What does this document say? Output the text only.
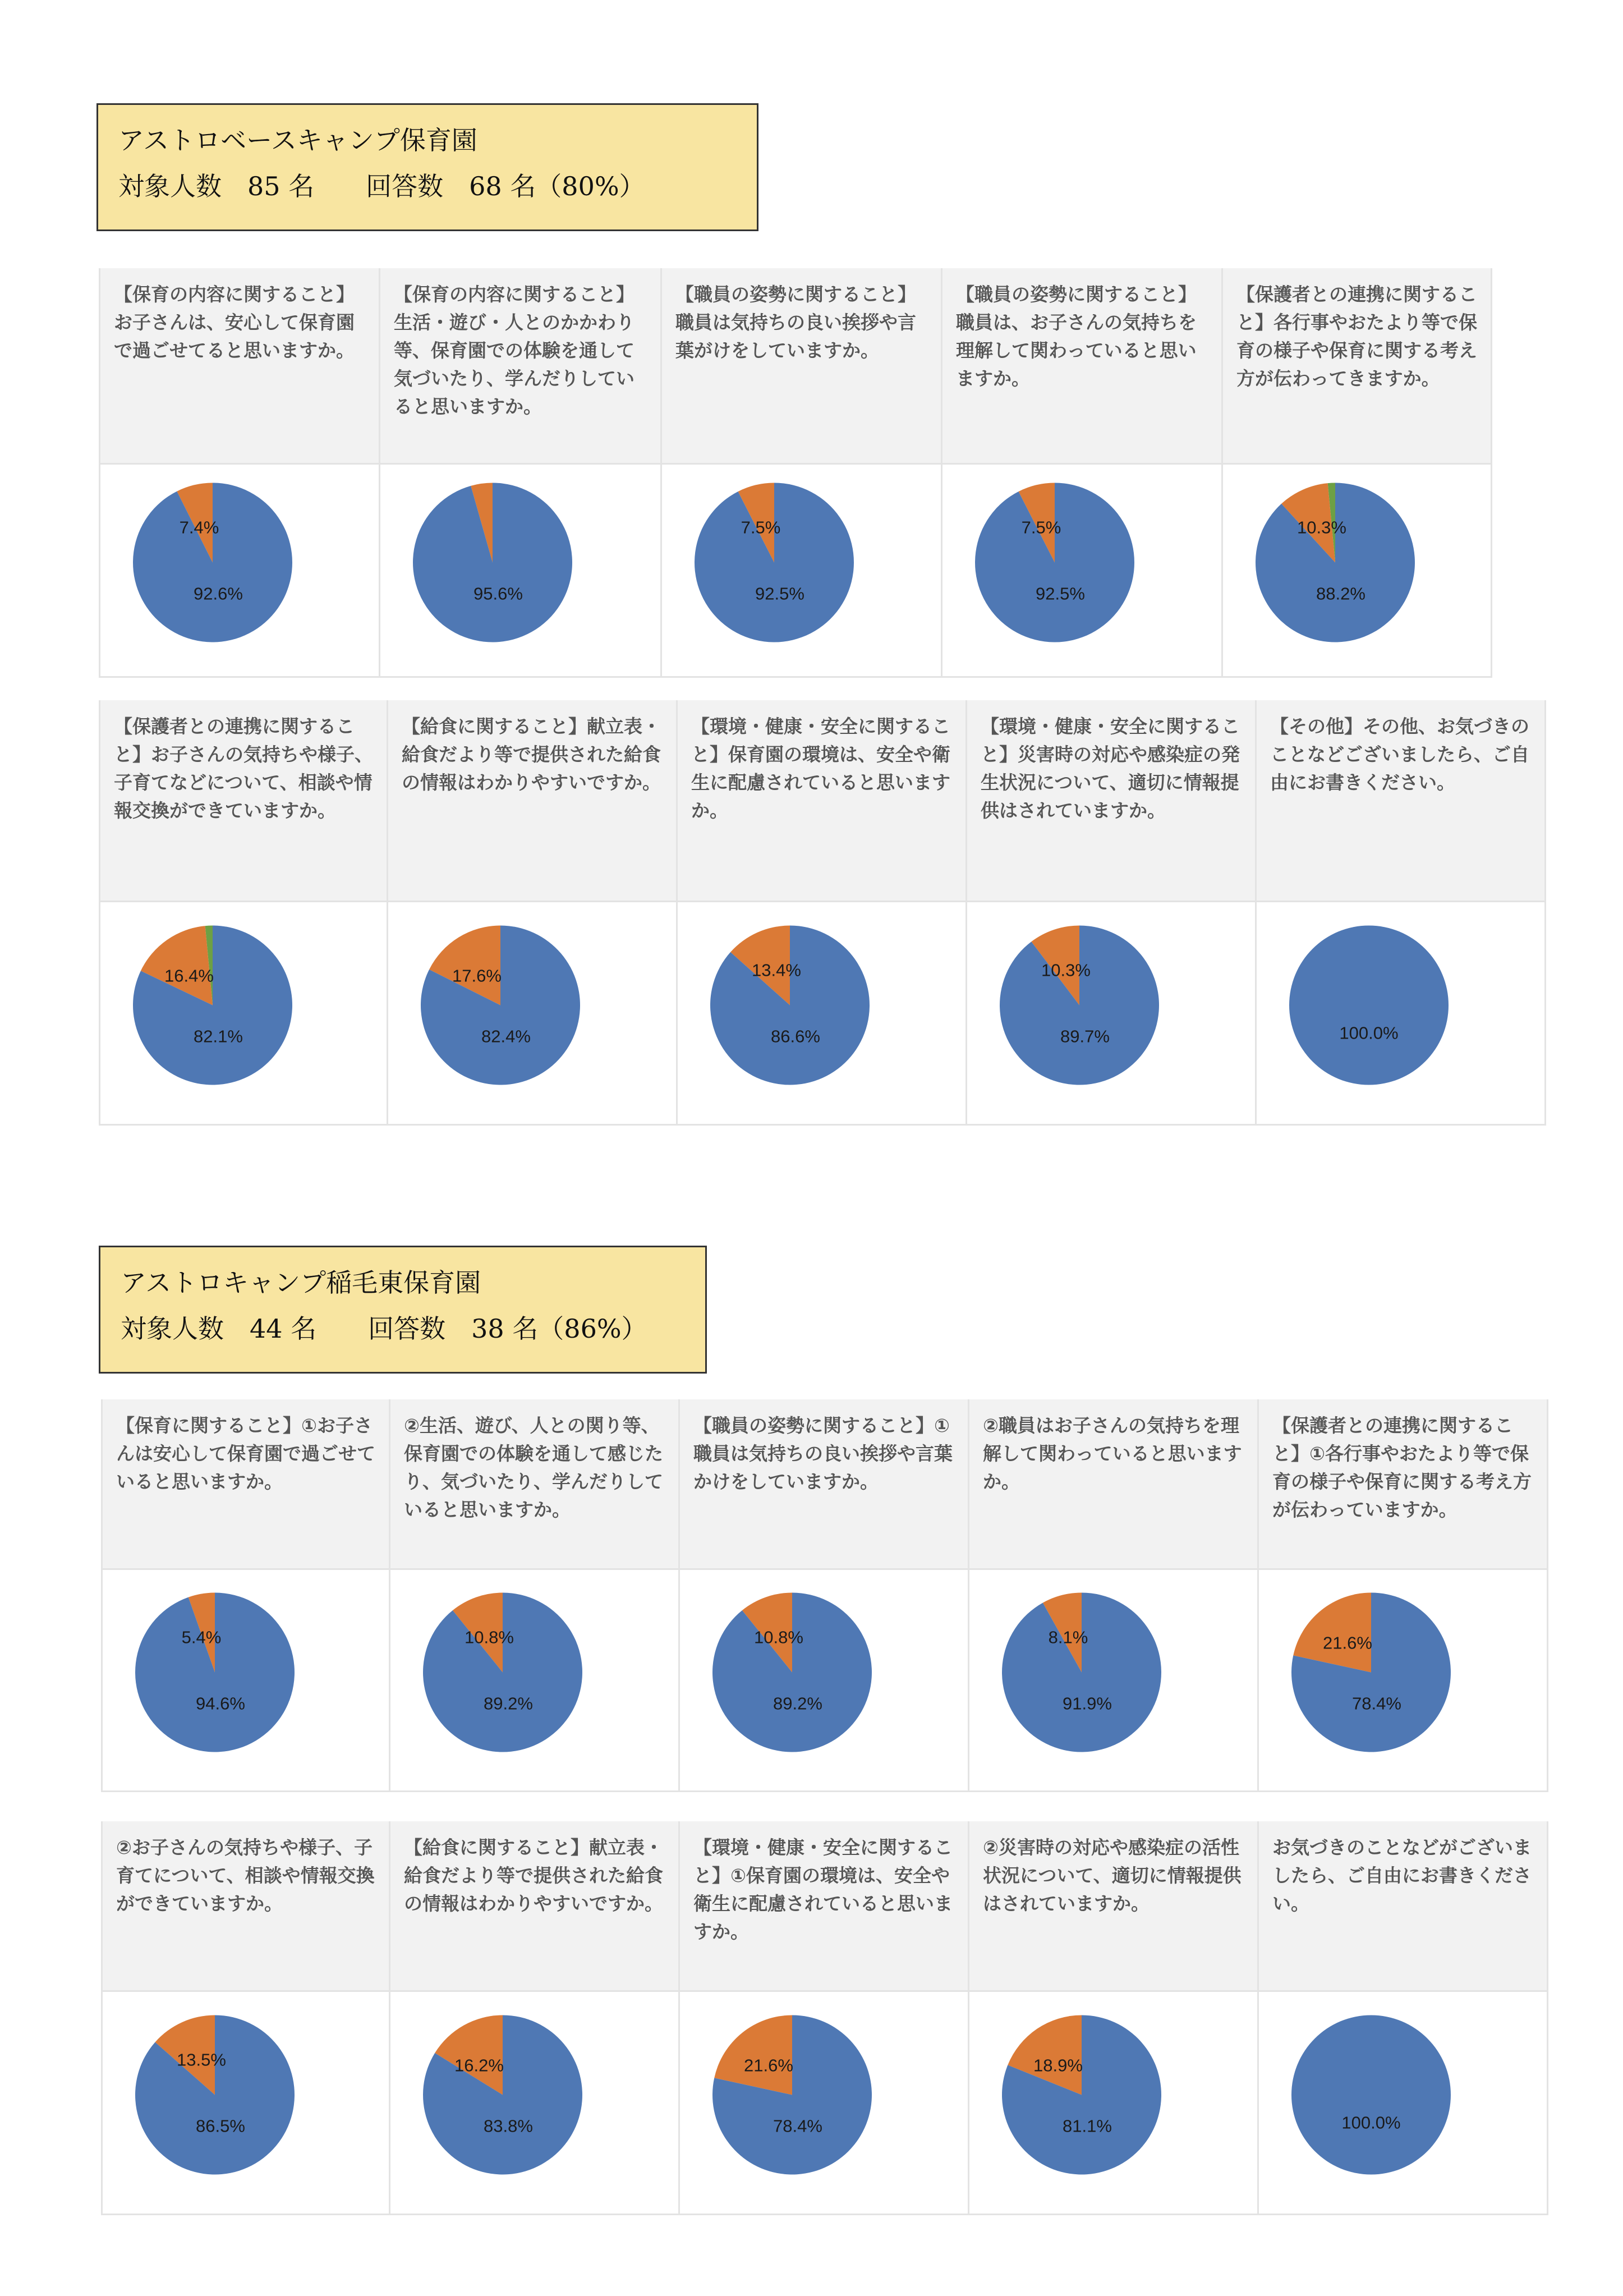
アストロベースキャンプ保育園
対象人数　85 名　　回答数　68 名（80%）
アストロキャンプ稲毛東保育園
対象人数　44 名　　回答数　38 名（86%）
【保育の内容に関すること】お子さんは、安心して保育園で過ごせてると思いますか。
7.4%
92.6%
【保育の内容に関すること】生活・遊び・人とのかかわり等、保育園での体験を通して気づいたり、学んだりしていると思いますか。
95.6%
【職員の姿勢に関すること】職員は気持ちの良い挨拶や言葉がけをしていますか。
7.5%
92.5%
【職員の姿勢に関すること】職員は、お子さんの気持ちを理解して関わっていると思いますか。
7.5%
92.5%
【保護者との連携に関すること】各行事やおたより等で保育の様子や保育に関する考え方が伝わってきますか。
10.3%
88.2%
【保護者との連携に関すること】お子さんの気持ちや様子、子育てなどについて、相談や情報交換ができていますか。
16.4%
82.1%
【給食に関すること】献立表・給食だより等で提供された給食の情報はわかりやすいですか。
17.6%
82.4%
【環境・健康・安全に関すること】保育園の環境は、安全や衛生に配慮されていると思いますか。
13.4%
86.6%
【環境・健康・安全に関すること】災害時の対応や感染症の発生状況について、適切に情報提供はされていますか。
10.3%
89.7%
【その他】その他、お気づきのことなどございましたら、ご自由にお書きください。
100.0%
【保育に関すること】①お子さんは安心して保育園で過ごせていると思いますか。
5.4%
94.6%
②生活、遊び、人との関り等、保育園での体験を通して感じたり、気づいたり、学んだりしていると思いますか。
10.8%
89.2%
【職員の姿勢に関すること】①職員は気持ちの良い挨拶や言葉かけをしていますか。
10.8%
89.2%
②職員はお子さんの気持ちを理解して関わっていると思いますか。
8.1%
91.9%
【保護者との連携に関すること】①各行事やおたより等で保育の様子や保育に関する考え方が伝わっていますか。
21.6%
78.4%
②お子さんの気持ちや様子、子育てについて、相談や情報交換ができていますか。
13.5%
86.5%
【給食に関すること】献立表・給食だより等で提供された給食の情報はわかりやすいですか。
16.2%
83.8%
【環境・健康・安全に関すること】①保育園の環境は、安全や衛生に配慮されていると思いますか。
21.6%
78.4%
②災害時の対応や感染症の活性状況について、適切に情報提供はされていますか。
18.9%
81.1%
お気づきのことなどがございましたら、ご自由にお書きください。
100.0%
